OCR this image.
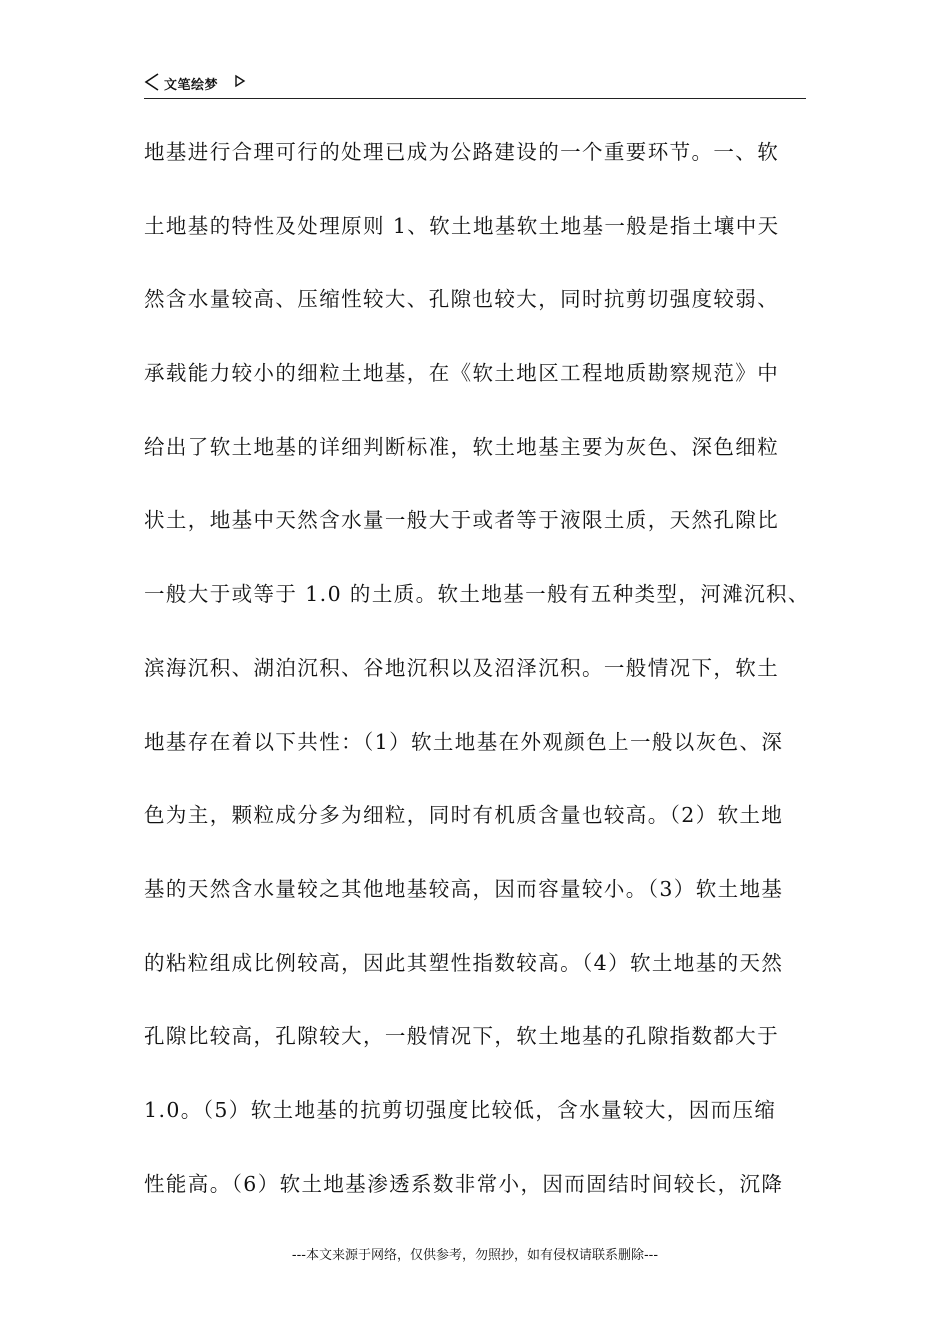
文笔绘梦
地基进行合理可行的处理已成为公路建设的一个重要环节。一、软
土地基的特性及处理原则 1、软土地基软土地基一般是指土壤中天
然含水量较高、压缩性较大、孔隙也较大，同时抗剪切强度较弱、
承载能力较小的细粒土地基，在《软土地区工程地质勘察规范》中
给出了软土地基的详细判断标准，软土地基主要为灰色、深色细粒
状土，地基中天然含水量一般大于或者等于液限土质，天然孔隙比
一般大于或等于 1.0 的土质。软土地基一般有五种类型，河滩沉积、
滨海沉积、湖泊沉积、谷地沉积以及沼泽沉积。一般情况下，软土
地基存在着以下共性：（1）软土地基在外观颜色上一般以灰色、深
色为主，颗粒成分多为细粒，同时有机质含量也较高。（2）软土地
基的天然含水量较之其他地基较高，因而容量较小。（3）软土地基
的粘粒组成比例较高，因此其塑性指数较高。（4）软土地基的天然
孔隙比较高，孔隙较大，一般情况下，软土地基的孔隙指数都大于
1.0。（5）软土地基的抗剪切强度比较低，含水量较大，因而压缩
性能高。（6）软土地基渗透系数非常小，因而固结时间较长，沉降
---本文来源于网络，仅供参考，勿照抄，如有侵权请联系删除---
